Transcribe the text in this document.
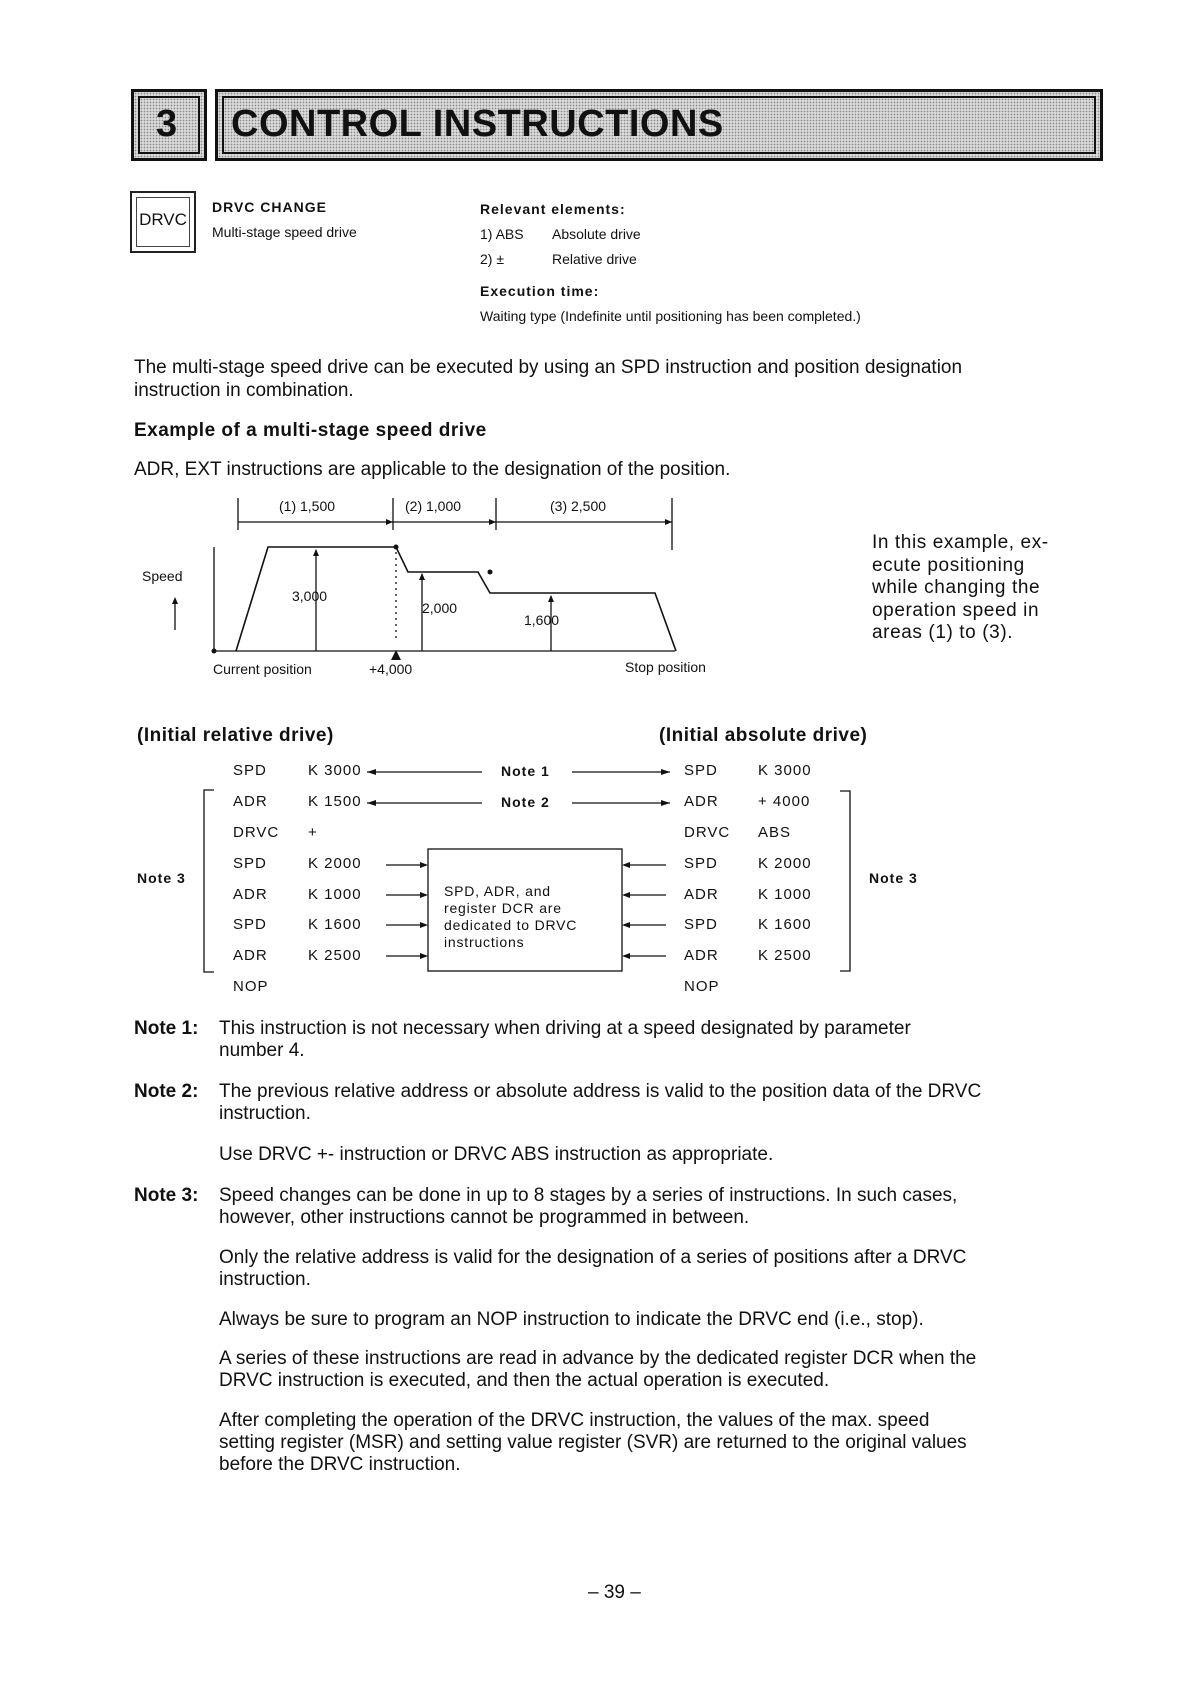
3 CONTROL INSTRUCTIONS
DRVC
DRVC CHANGE
Multi-stage speed drive
Relevant elements:
1) ABS Absolute drive
2) ±	Relative drive
Execution time:
Waiting type (Indefinite until positioning has been completed.)
The multi-stage speed drive can be executed by using an SPD instruction and position designation
instruction in combination.
Example of a multi-stage speed drive
ADR, EXT instructions are applicable to the designation of the position.
(1) 1,500	(2) 1,000	(3) 2,500
Speed
3,000
2,000
1,600
Current position	+4,000	Stop position
In this example, ex-
ecute positioning
while changing the
operation speed in
areas (1) to (3).
(Initial relative drive)	(Initial absolute drive)
SPD	K 3000
ADR	K 1500
DRVC +
SPD	K 2000
ADR	K 1000
SPD	K 1600
ADR	K 2500
NOP
SPD	K 3000
ADR	+ 4000
DRVC ABS
SPD	K 2000
ADR	K 1000
SPD	K 1600
ADR	K 2500
NOP
Note 1
Note 2
Note 3	Note 3
SPD, ADR, and
register DCR are
dedicated to DRVC
instructions
Note 1: This instruction is not necessary when driving at a speed designated by parameter
number 4.
Note 2: The previous relative address or absolute address is valid to the position data of the DRVC
instruction.
Use DRVC +- instruction or DRVC ABS instruction as appropriate.
Note 3: Speed changes can be done in up to 8 stages by a series of instructions. In such cases,
however, other instructions cannot be programmed in between.
Only the relative address is valid for the designation of a series of positions after a DRVC
instruction.
Always be sure to program an NOP instruction to indicate the DRVC end (i.e., stop).
A series of these instructions are read in advance by the dedicated register DCR when the
DRVC instruction is executed, and then the actual operation is executed.
After completing the operation of the DRVC instruction, the values of the max. speed
setting register (MSR) and setting value register (SVR) are returned to the original values
before the DRVC instruction.
– 39 –
